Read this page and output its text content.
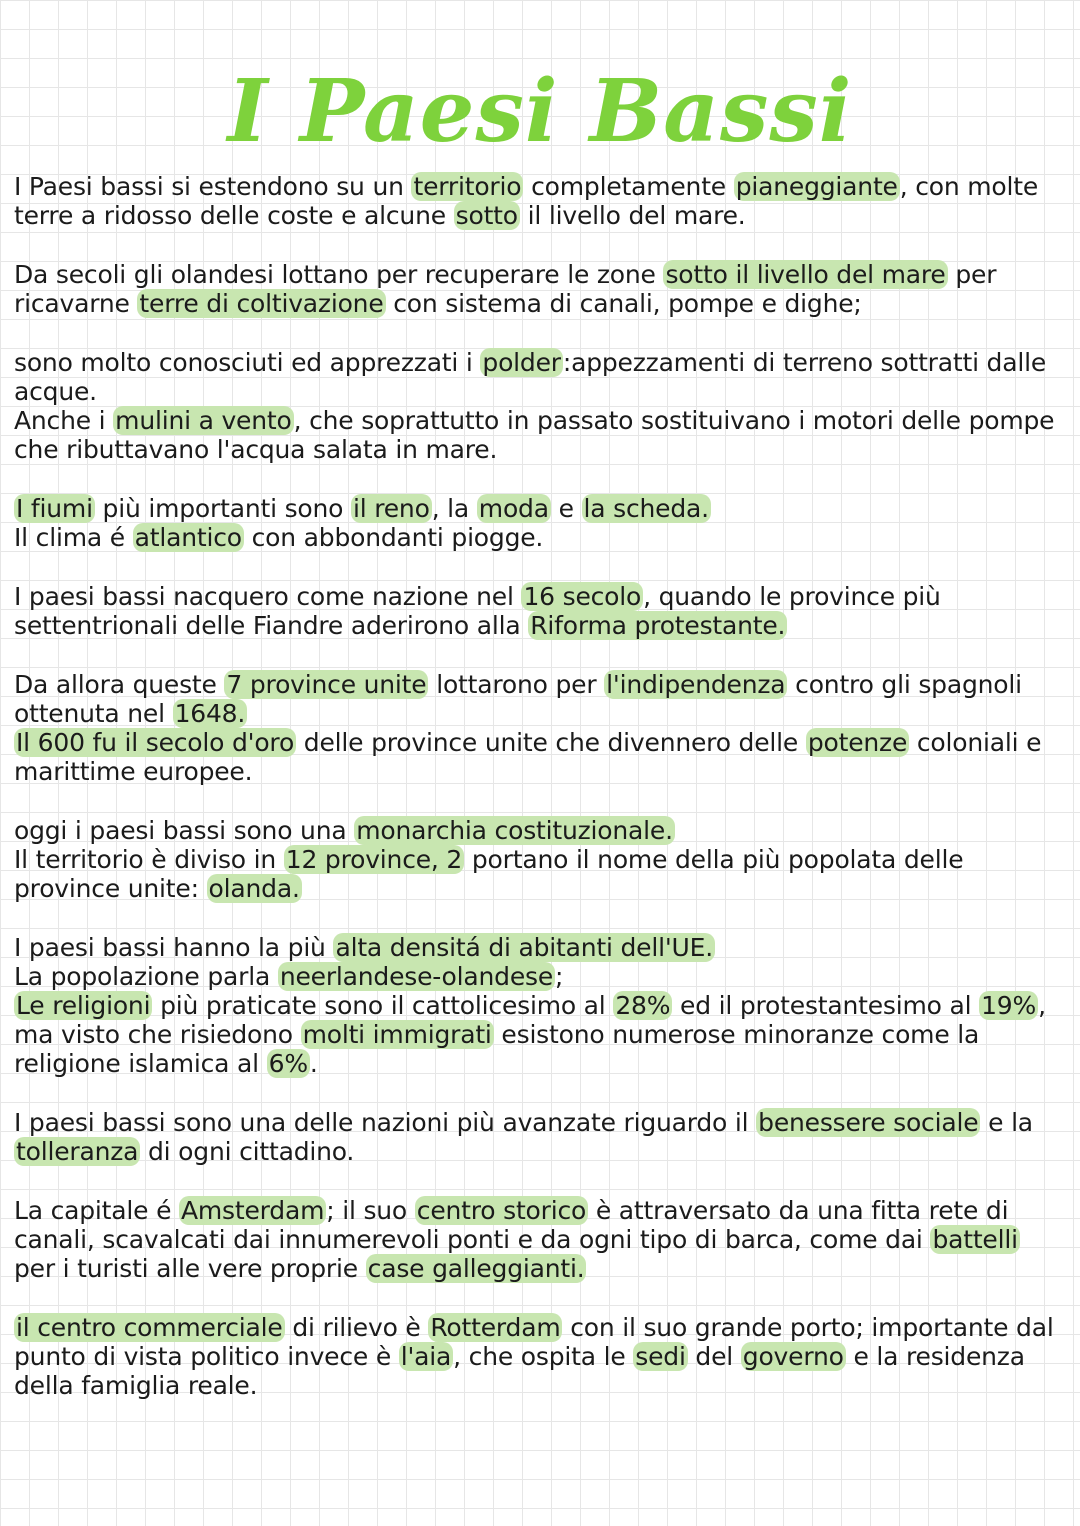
I Paesi Bassi
I Paesi bassi si estendono su un territorio completamente pianeggiante, con molte terre a ridosso delle coste e alcune sotto il livello del mare.
Da secoli gli olandesi lottano per recuperare le zone sotto il livello del mare per ricavarne terre di coltivazione con sistema di canali, pompe e dighe;
sono molto conosciuti ed apprezzati i polder:appezzamenti di terreno sottratti dalle acque.
Anche i mulini a vento, che soprattutto in passato sostituivano i motori delle pompe che ributtavano l'acqua salata in mare.
I fiumi più importanti sono il reno, la moda e la scheda.
Il clima é atlantico con abbondanti piogge.
I paesi bassi nacquero come nazione nel 16 secolo, quando le province più settentrionali delle Fiandre aderirono alla Riforma protestante.
Da allora queste 7 province unite lottarono per l'indipendenza contro gli spagnoli ottenuta nel 1648.
Il 600 fu il secolo d'oro delle province unite che divennero delle potenze coloniali e marittime europee.
oggi i paesi bassi sono una monarchia costituzionale.
Il territorio è diviso in 12 province, 2 portano il nome della più popolata delle province unite: olanda.
I paesi bassi hanno la più alta densitá di abitanti dell'UE.
La popolazione parla neerlandese-olandese;
Le religioni più praticate sono il cattolicesimo al 28% ed il protestantesimo al 19%, ma visto che risiedono molti immigrati esistono numerose minoranze come la religione islamica al 6%.
I paesi bassi sono una delle nazioni più avanzate riguardo il benessere sociale e la tolleranza di ogni cittadino.
La capitale é Amsterdam; il suo centro storico è attraversato da una fitta rete di canali, scavalcati dai innumerevoli ponti e da ogni tipo di barca, come dai battelli per i turisti alle vere proprie case galleggianti.
il centro commerciale di rilievo è Rotterdam con il suo grande porto; importante dal punto di vista politico invece è l'aia, che ospita le sedi del governo e la residenza della famiglia reale.
